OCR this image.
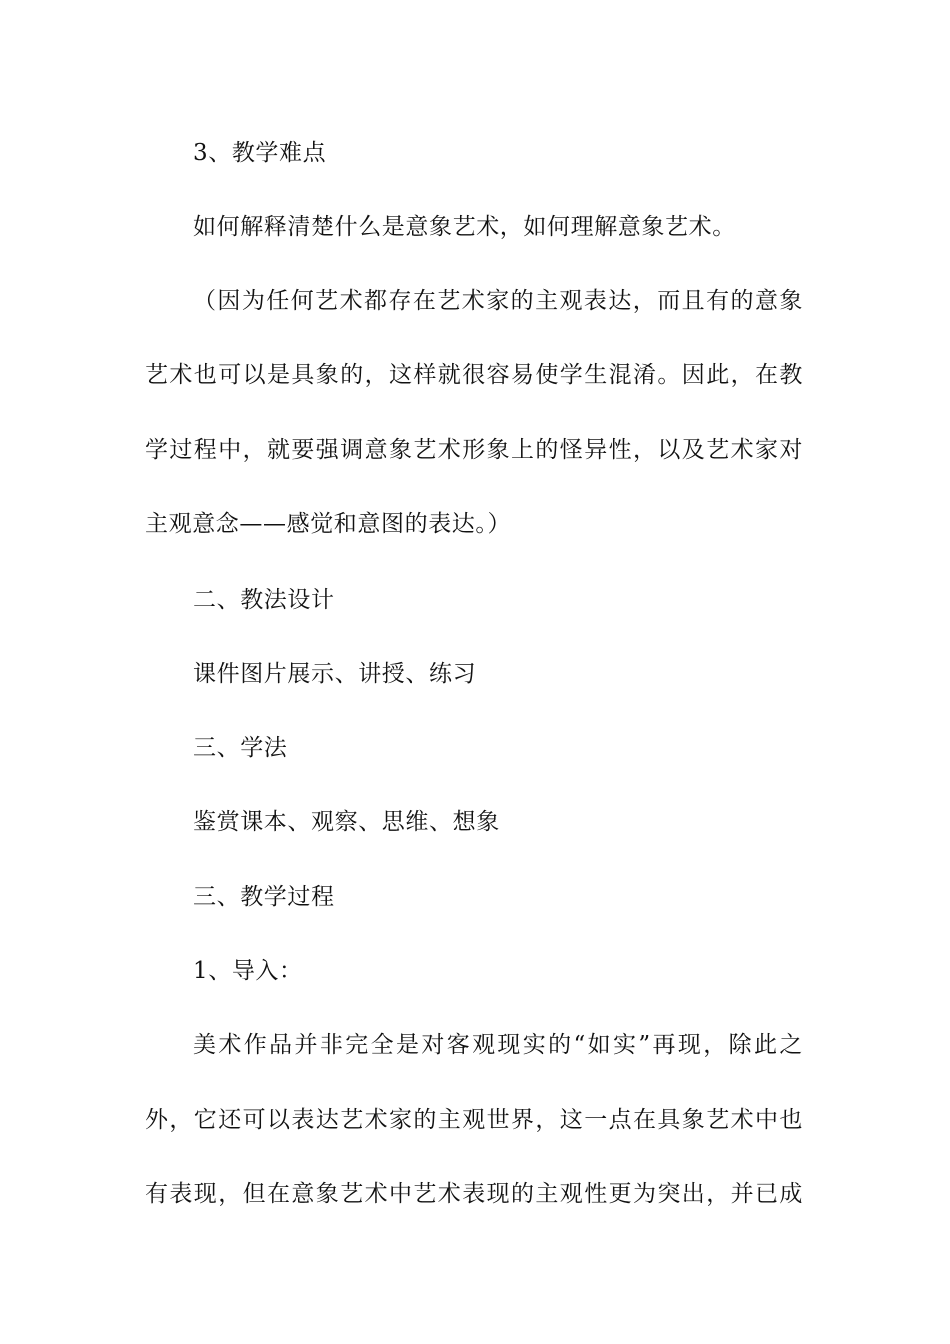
3、教学难点
如何解释清楚什么是意象艺术，如何理解意象艺术。
（因为任何艺术都存在艺术家的主观表达，而且有的意象
艺术也可以是具象的，这样就很容易使学生混淆。因此，在教
学过程中，就要强调意象艺术形象上的怪异性，以及艺术家对
主观意念——感觉和意图的表达。）
二、教法设计
课件图片展示、讲授、练习
三、学法
鉴赏课本、观察、思维、想象
三、教学过程
1、导入：
美术作品并非完全是对客观现实的“如实”再现，除此之
外，它还可以表达艺术家的主观世界，这一点在具象艺术中也
有表现，但在意象艺术中艺术表现的主观性更为突出，并已成
